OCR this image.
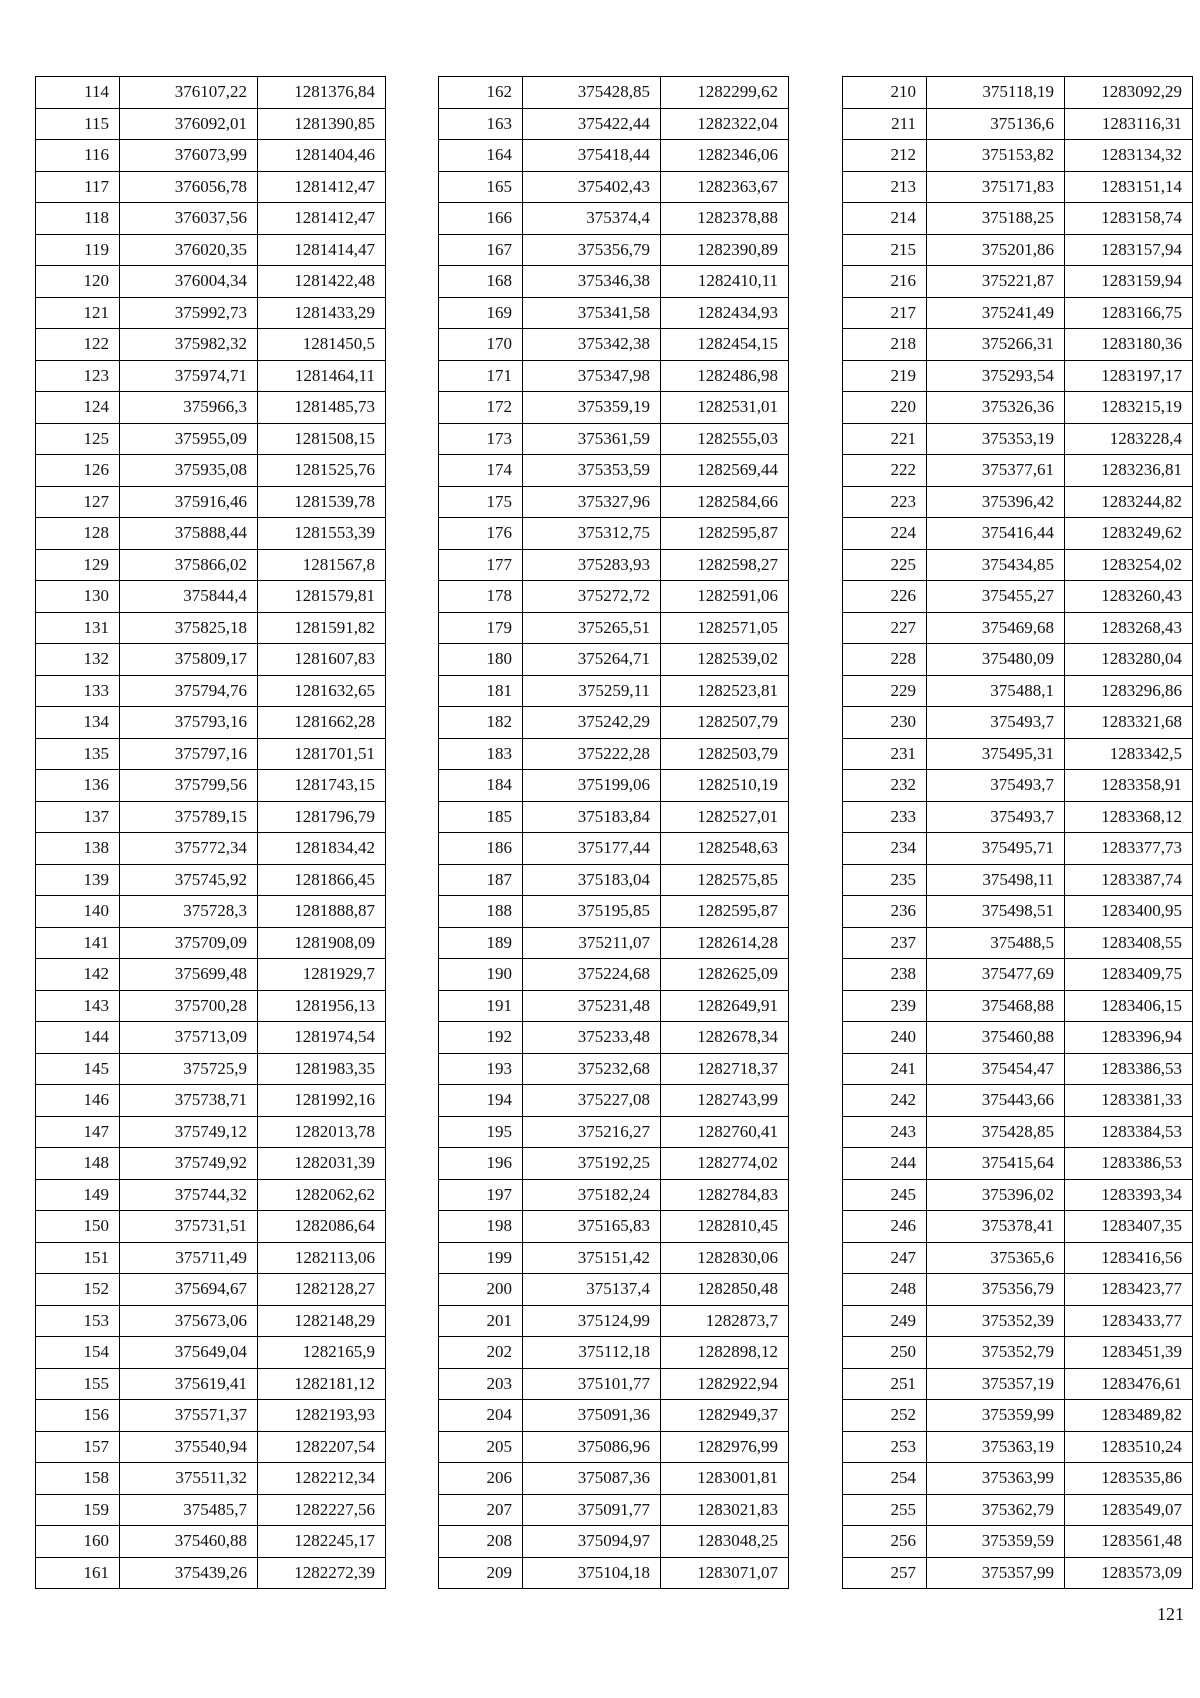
114	376107,22	1281376,84
115	376092,01	1281390,85
116	376073,99	1281404,46
117	376056,78	1281412,47
118	376037,56	1281412,47
119	376020,35	1281414,47
120	376004,34	1281422,48
121	375992,73	1281433,29
122	375982,32	1281450,5
123	375974,71	1281464,11
124	375966,3	1281485,73
125	375955,09	1281508,15
126	375935,08	1281525,76
127	375916,46	1281539,78
128	375888,44	1281553,39
129	375866,02	1281567,8
130	375844,4	1281579,81
131	375825,18	1281591,82
132	375809,17	1281607,83
133	375794,76	1281632,65
134	375793,16	1281662,28
135	375797,16	1281701,51
136	375799,56	1281743,15
137	375789,15	1281796,79
138	375772,34	1281834,42
139	375745,92	1281866,45
140	375728,3	1281888,87
141	375709,09	1281908,09
142	375699,48	1281929,7
143	375700,28	1281956,13
144	375713,09	1281974,54
145	375725,9	1281983,35
146	375738,71	1281992,16
147	375749,12	1282013,78
148	375749,92	1282031,39
149	375744,32	1282062,62
150	375731,51	1282086,64
151	375711,49	1282113,06
152	375694,67	1282128,27
153	375673,06	1282148,29
154	375649,04	1282165,9
155	375619,41	1282181,12
156	375571,37	1282193,93
157	375540,94	1282207,54
158	375511,32	1282212,34
159	375485,7	1282227,56
160	375460,88	1282245,17
161	375439,26	1282272,39
162	375428,85	1282299,62
163	375422,44	1282322,04
164	375418,44	1282346,06
165	375402,43	1282363,67
166	375374,4	1282378,88
167	375356,79	1282390,89
168	375346,38	1282410,11
169	375341,58	1282434,93
170	375342,38	1282454,15
171	375347,98	1282486,98
172	375359,19	1282531,01
173	375361,59	1282555,03
174	375353,59	1282569,44
175	375327,96	1282584,66
176	375312,75	1282595,87
177	375283,93	1282598,27
178	375272,72	1282591,06
179	375265,51	1282571,05
180	375264,71	1282539,02
181	375259,11	1282523,81
182	375242,29	1282507,79
183	375222,28	1282503,79
184	375199,06	1282510,19
185	375183,84	1282527,01
186	375177,44	1282548,63
187	375183,04	1282575,85
188	375195,85	1282595,87
189	375211,07	1282614,28
190	375224,68	1282625,09
191	375231,48	1282649,91
192	375233,48	1282678,34
193	375232,68	1282718,37
194	375227,08	1282743,99
195	375216,27	1282760,41
196	375192,25	1282774,02
197	375182,24	1282784,83
198	375165,83	1282810,45
199	375151,42	1282830,06
200	375137,4	1282850,48
201	375124,99	1282873,7
202	375112,18	1282898,12
203	375101,77	1282922,94
204	375091,36	1282949,37
205	375086,96	1282976,99
206	375087,36	1283001,81
207	375091,77	1283021,83
208	375094,97	1283048,25
209	375104,18	1283071,07
210	375118,19	1283092,29
211	375136,6	1283116,31
212	375153,82	1283134,32
213	375171,83	1283151,14
214	375188,25	1283158,74
215	375201,86	1283157,94
216	375221,87	1283159,94
217	375241,49	1283166,75
218	375266,31	1283180,36
219	375293,54	1283197,17
220	375326,36	1283215,19
221	375353,19	1283228,4
222	375377,61	1283236,81
223	375396,42	1283244,82
224	375416,44	1283249,62
225	375434,85	1283254,02
226	375455,27	1283260,43
227	375469,68	1283268,43
228	375480,09	1283280,04
229	375488,1	1283296,86
230	375493,7	1283321,68
231	375495,31	1283342,5
232	375493,7	1283358,91
233	375493,7	1283368,12
234	375495,71	1283377,73
235	375498,11	1283387,74
236	375498,51	1283400,95
237	375488,5	1283408,55
238	375477,69	1283409,75
239	375468,88	1283406,15
240	375460,88	1283396,94
241	375454,47	1283386,53
242	375443,66	1283381,33
243	375428,85	1283384,53
244	375415,64	1283386,53
245	375396,02	1283393,34
246	375378,41	1283407,35
247	375365,6	1283416,56
248	375356,79	1283423,77
249	375352,39	1283433,77
250	375352,79	1283451,39
251	375357,19	1283476,61
252	375359,99	1283489,82
253	375363,19	1283510,24
254	375363,99	1283535,86
255	375362,79	1283549,07
256	375359,59	1283561,48
257	375357,99	1283573,09
121
